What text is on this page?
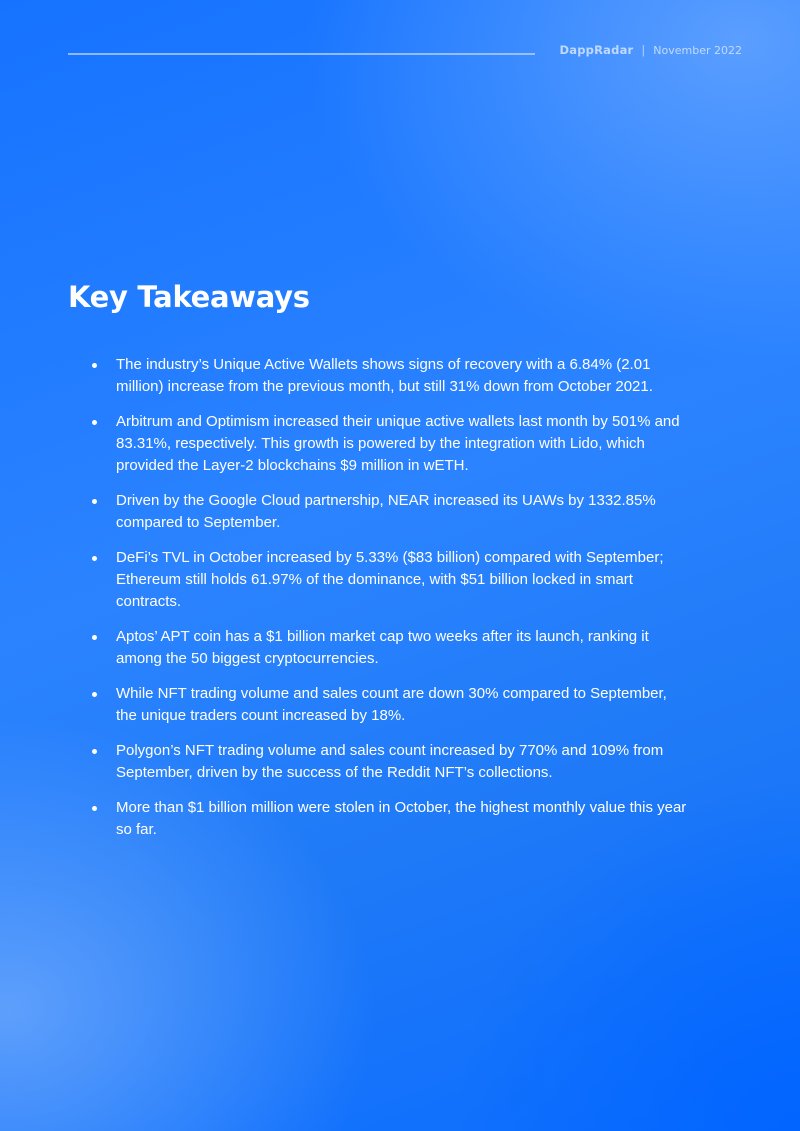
DappRadar | November 2022
Key Takeaways
The industry’s Unique Active Wallets shows signs of recovery with a 6.84% (2.01 million) increase from the previous month, but still 31% down from October 2021.
Arbitrum and Optimism increased their unique active wallets last month by 501% and 83.31%, respectively. This growth is powered by the integration with Lido, which provided the Layer-2 blockchains $9 million in wETH.
Driven by the Google Cloud partnership, NEAR increased its UAWs by 1332.85% compared to September.
DeFi’s TVL in October increased by 5.33% ($83 billion) compared with September; Ethereum still holds 61.97% of the dominance, with $51 billion locked in smart contracts.
Aptos’ APT coin has a $1 billion market cap two weeks after its launch, ranking it among the 50 biggest cryptocurrencies.
While NFT trading volume and sales count are down 30% compared to September, the unique traders count increased by 18%.
Polygon’s NFT trading volume and sales count increased by 770% and 109% from September, driven by the success of the Reddit NFT’s collections.
More than $1 billion million were stolen in October, the highest monthly value this year so far.
